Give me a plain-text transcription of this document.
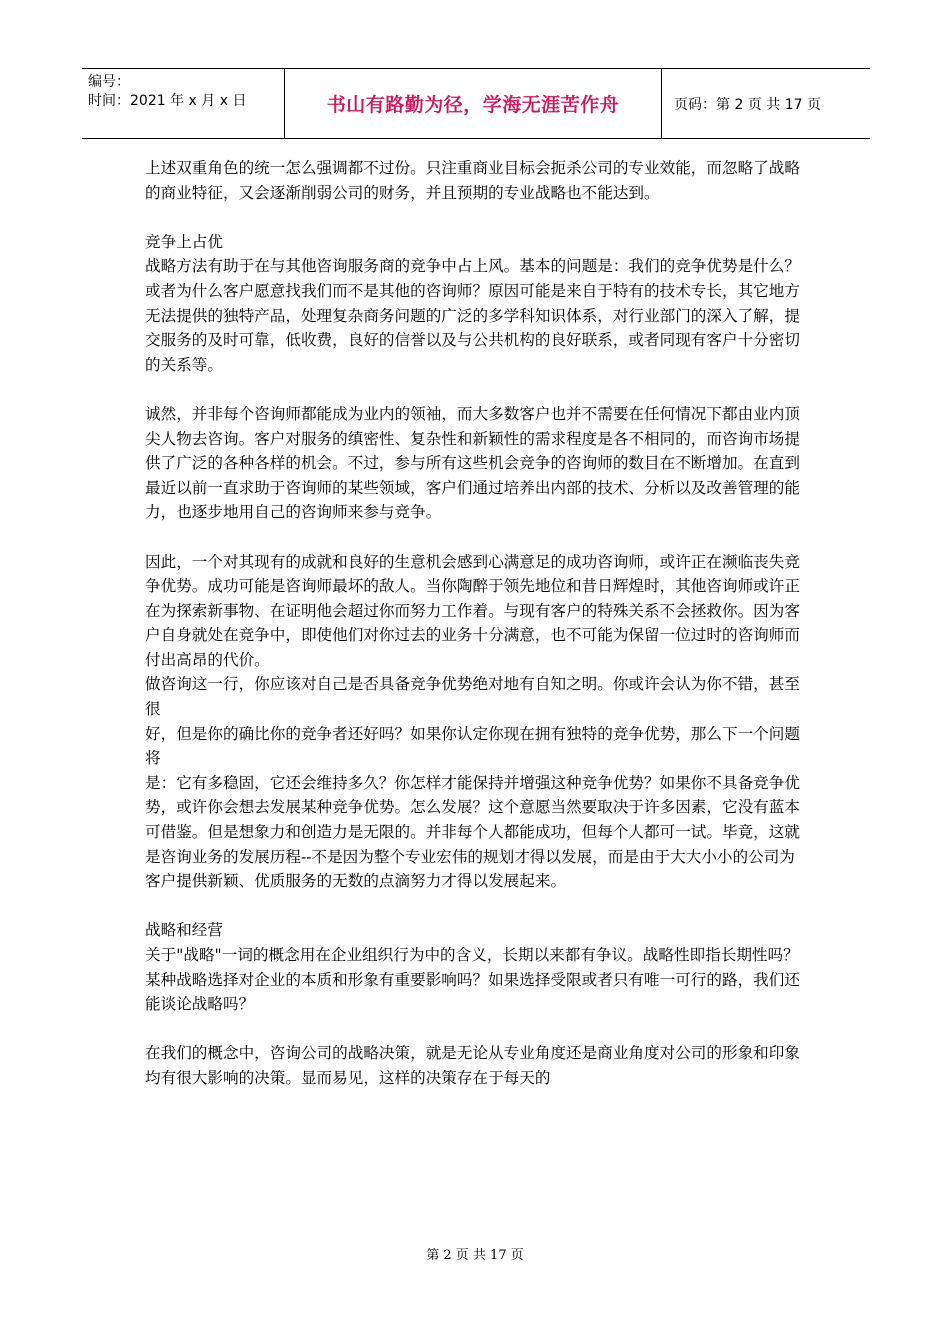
编号：
时间：2021 年 x 月 x 日	书山有路勤为径，学海无涯苦作舟	页码：第 2 页 共 17 页

上述双重角色的统一怎么强调都不过份。只注重商业目标会扼杀公司的专业效能，而忽略了战略的商业特征，又会逐渐削弱公司的财务，并且预期的专业战略也不能达到。

竞争上占优

战略方法有助于在与其他咨询服务商的竞争中占上风。基本的问题是：我们的竞争优势是什么？或者为什么客户愿意找我们而不是其他的咨询师？原因可能是来自于特有的技术专长，其它地方无法提供的独特产品，处理复杂商务问题的广泛的多学科知识体系，对行业部门的深入了解，提交服务的及时可靠，低收费，良好的信誉以及与公共机构的良好联系，或者同现有客户十分密切的关系等。

诚然，并非每个咨询师都能成为业内的领袖，而大多数客户也并不需要在任何情况下都由业内顶尖人物去咨询。客户对服务的缜密性、复杂性和新颖性的需求程度是各不相同的，而咨询市场提供了广泛的各种各样的机会。不过，参与所有这些机会竞争的咨询师的数目在不断增加。在直到最近以前一直求助于咨询师的某些领域，客户们通过培养出内部的技术、分析以及改善管理的能力，也逐步地用自己的咨询师来参与竞争。

因此，一个对其现有的成就和良好的生意机会感到心满意足的成功咨询师，或许正在濒临丧失竞争优势。成功可能是咨询师最坏的敌人。当你陶醉于领先地位和昔日辉煌时，其他咨询师或许正在为探索新事物、在证明他会超过你而努力工作着。与现有客户的特殊关系不会拯救你。因为客户自身就处在竞争中，即使他们对你过去的业务十分满意，也不可能为保留一位过时的咨询师而付出高昂的代价。

做咨询这一行，你应该对自己是否具备竞争优势绝对地有自知之明。你或许会认为你不错，甚至很

好，但是你的确比你的竞争者还好吗？如果你认定你现在拥有独特的竞争优势，那么下一个问题将

是：它有多稳固，它还会维持多久？你怎样才能保持并增强这种竞争优势？如果你不具备竞争优势，或许你会想去发展某种竞争优势。怎么发展？这个意愿当然要取决于许多因素，它没有蓝本可借鉴。但是想象力和创造力是无限的。并非每个人都能成功，但每个人都可一试。毕竟，这就是咨询业务的发展历程--不是因为整个专业宏伟的规划才得以发展，而是由于大大小小的公司为客户提供新颖、优质服务的无数的点滴努力才得以发展起来。

战略和经营

关于"战略"一词的概念用在企业组织行为中的含义，长期以来都有争议。战略性即指长期性吗？某种战略选择对企业的本质和形象有重要影响吗？如果选择受限或者只有唯一可行的路，我们还能谈论战略吗？

在我们的概念中，咨询公司的战略决策，就是无论从专业角度还是商业角度对公司的形象和印象均有很大影响的决策。显而易见，这样的决策存在于每天的

第 2 页 共 17 页
